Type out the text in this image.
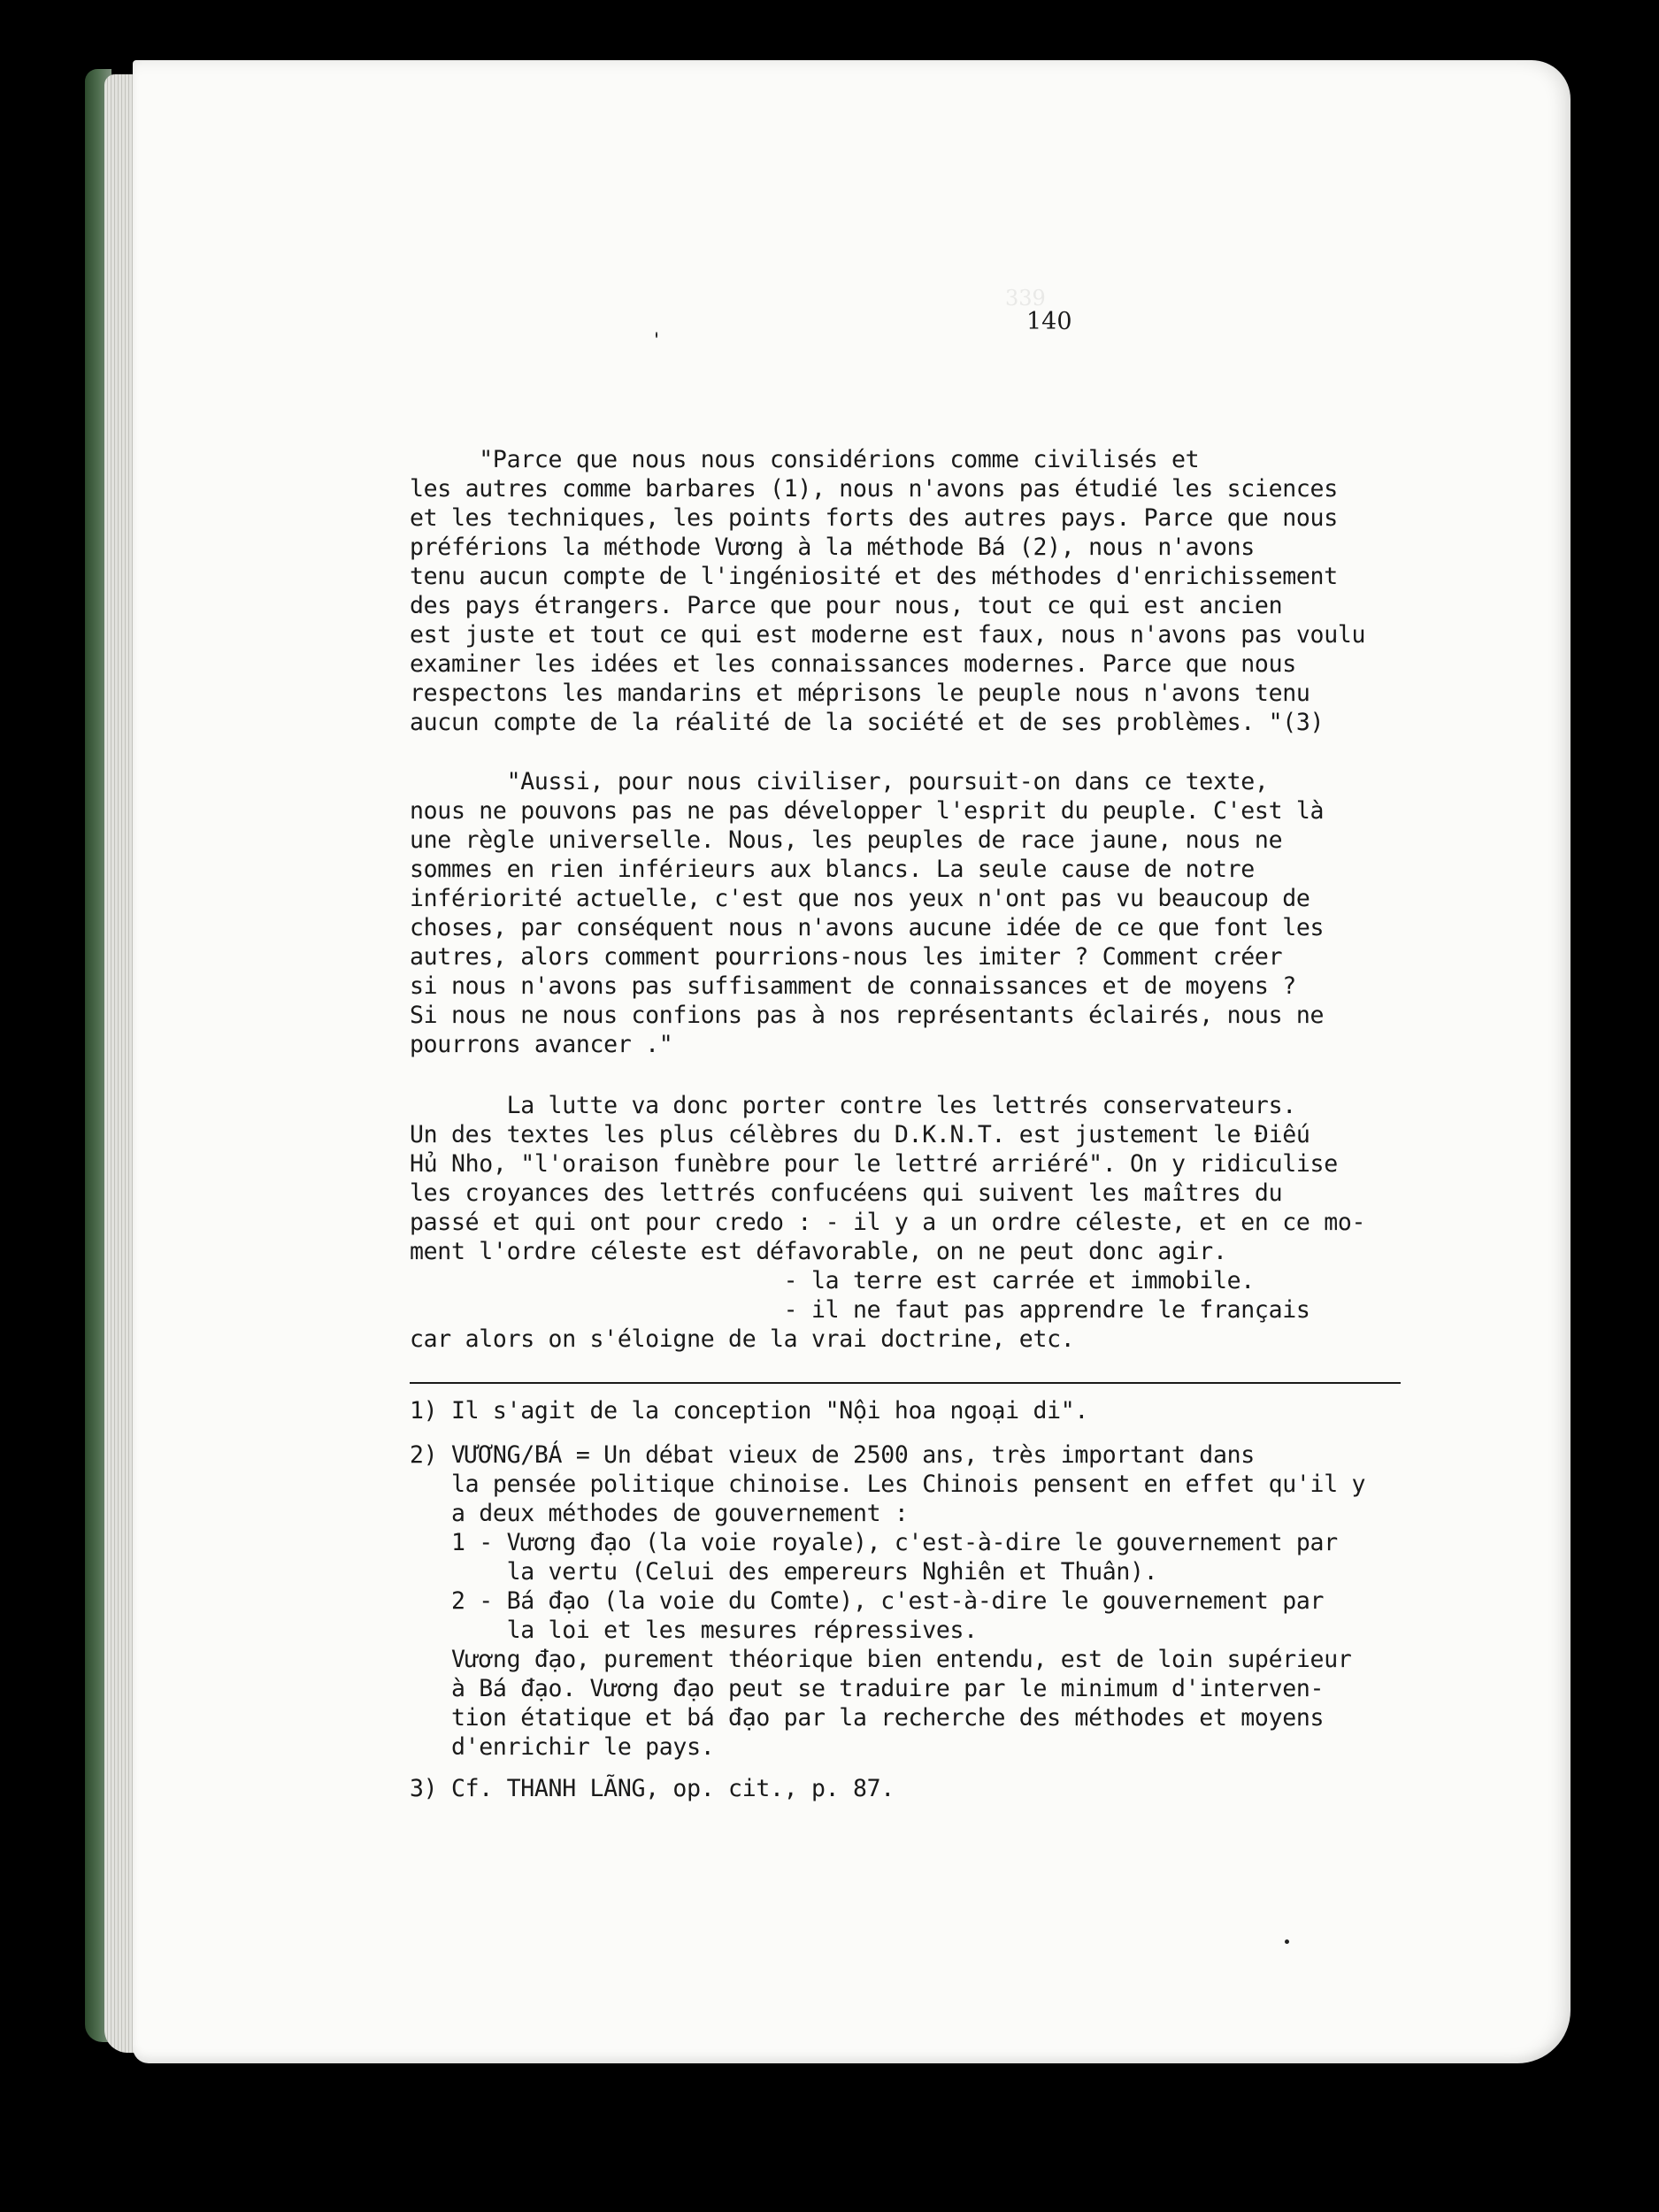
339
140
"Parce que nous nous considérions comme civilisés et
les autres comme barbares (1), nous n'avons pas étudié les sciences
et les techniques, les points forts des autres pays. Parce que nous
préférions la méthode Vương à la méthode Bá (2), nous n'avons
tenu aucun compte de l'ingéniosité et des méthodes d'enrichissement
des pays étrangers. Parce que pour nous, tout ce qui est ancien
est juste et tout ce qui est moderne est faux, nous n'avons pas voulu
examiner les idées et les connaissances modernes. Parce que nous
respectons les mandarins et méprisons le peuple nous n'avons tenu
aucun compte de la réalité de la société et de ses problèmes. "(3)
"Aussi, pour nous civiliser, poursuit-on dans ce texte,
nous ne pouvons pas ne pas développer l'esprit du peuple. C'est là
une règle universelle. Nous, les peuples de race jaune, nous ne
sommes en rien inférieurs aux blancs. La seule cause de notre
infériorité actuelle, c'est que nos yeux n'ont pas vu beaucoup de
choses, par conséquent nous n'avons aucune idée de ce que font les
autres, alors comment pourrions-nous les imiter ? Comment créer
si nous n'avons pas suffisamment de connaissances et de moyens ?
Si nous ne nous confions pas à nos représentants éclairés, nous ne
pourrons avancer ."
La lutte va donc porter contre les lettrés conservateurs.
Un des textes les plus célèbres du D.K.N.T. est justement le Điếu
Hủ Nho, "l'oraison funèbre pour le lettré arriéré". On y ridiculise
les croyances des lettrés confucéens qui suivent les maîtres du
passé et qui ont pour credo : - il y a un ordre céleste, et en ce mo-
ment l'ordre céleste est défavorable, on ne peut donc agir.
- la terre est carrée et immobile.
- il ne faut pas apprendre le français
car alors on s'éloigne de la vrai doctrine, etc.
1) Il s'agit de la conception "Nội hoa ngoại di".
2) VƯƠNG/BÁ = Un débat vieux de 2500 ans, très important dans
la pensée politique chinoise. Les Chinois pensent en effet qu'il y
a deux méthodes de gouvernement :
1 - Vương đạo (la voie royale), c'est-à-dire le gouvernement par
la vertu (Celui des empereurs Nghiên et Thuân).
2 - Bá đạo (la voie du Comte), c'est-à-dire le gouvernement par
la loi et les mesures répressives.
Vương đạo, purement théorique bien entendu, est de loin supérieur
à Bá đạo. Vương đạo peut se traduire par le minimum d'interven-
tion étatique et bá đạo par la recherche des méthodes et moyens
d'enrichir le pays.
3) Cf. THANH LÃNG, op. cit., p. 87.
